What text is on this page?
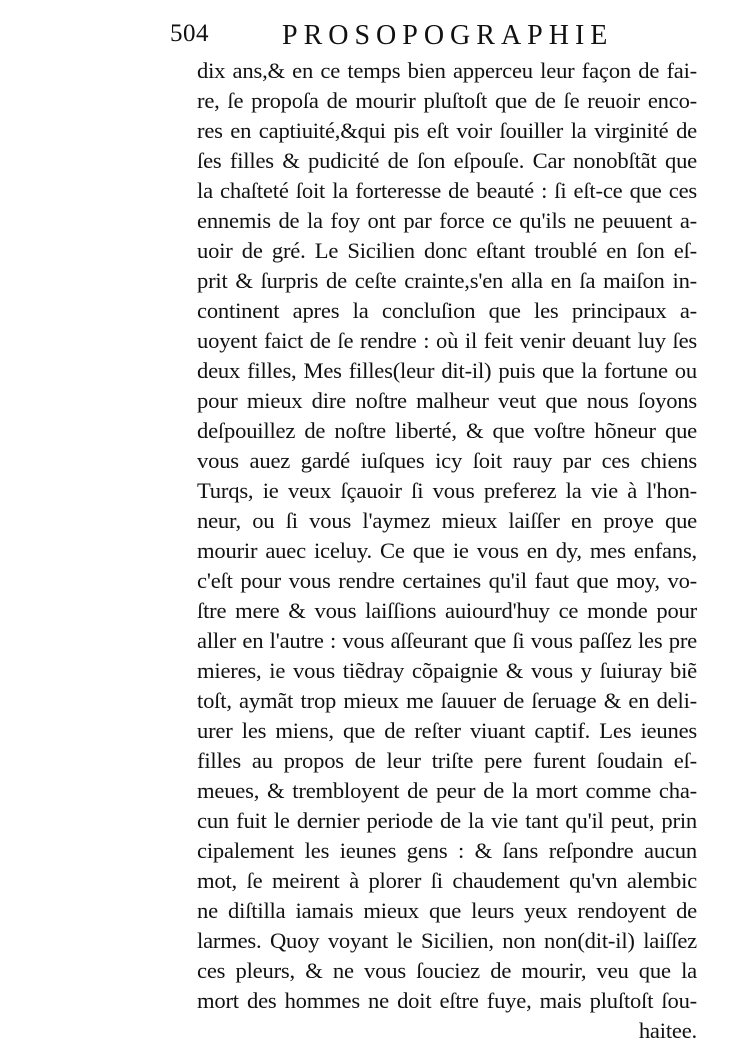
504	PROSOPOGRAPHIE
dix ans,& en ce temps bien apperceu leur façon de fai-
re, ſe propoſa de mourir pluſtoſt que de ſe reuoir enco-
res en captiuité,&qui pis eſt voir ſouiller la virginité de
ſes filles & pudicité de ſon eſpouſe. Car nonobſtãt que
la chaſteté ſoit la forteresse de beauté : ſi eſt-ce que ces
ennemis de la foy ont par force ce qu'ils ne peuuent a-
uoir de gré. Le Sicilien donc eſtant troublé en ſon eſ-
prit & ſurpris de ceſte crainte,s'en alla en ſa maiſon in-
continent apres la concluſion que les principaux a-
uoyent faict de ſe rendre : où il feit venir deuant luy ſes
deux filles, Mes filles(leur dit-il) puis que la fortune ou
pour mieux dire noſtre malheur veut que nous ſoyons
deſpouillez de noſtre liberté, & que voſtre hõneur que
vous auez gardé iuſques icy ſoit rauy par ces chiens
Turqs, ie veux ſçauoir ſi vous preferez la vie à l'hon-
neur, ou ſi vous l'aymez mieux laiſſer en proye que
mourir auec iceluy. Ce que ie vous en dy, mes enfans,
c'eſt pour vous rendre certaines qu'il faut que moy, vo-
ſtre mere & vous laiſſions auiourd'huy ce monde pour
aller en l'autre : vous aſſeurant que ſi vous paſſez les pre
mieres, ie vous tiẽdray cõpaignie & vous y ſuiuray biẽ
toſt, aymãt trop mieux me ſauuer de ſeruage & en deli-
urer les miens, que de reſter viuant captif. Les ieunes
filles au propos de leur triſte pere furent ſoudain eſ-
meues, & trembloyent de peur de la mort comme cha-
cun fuit le dernier periode de la vie tant qu'il peut, prin
cipalement les ieunes gens : & ſans reſpondre aucun
mot, ſe meirent à plorer ſi chaudement qu'vn alembic
ne diſtilla iamais mieux que leurs yeux rendoyent de
larmes. Quoy voyant le Sicilien, non non(dit-il) laiſſez
ces pleurs, & ne vous ſouciez de mourir, veu que la
mort des hommes ne doit eſtre fuye, mais pluſtoſt ſou-
haitee.
